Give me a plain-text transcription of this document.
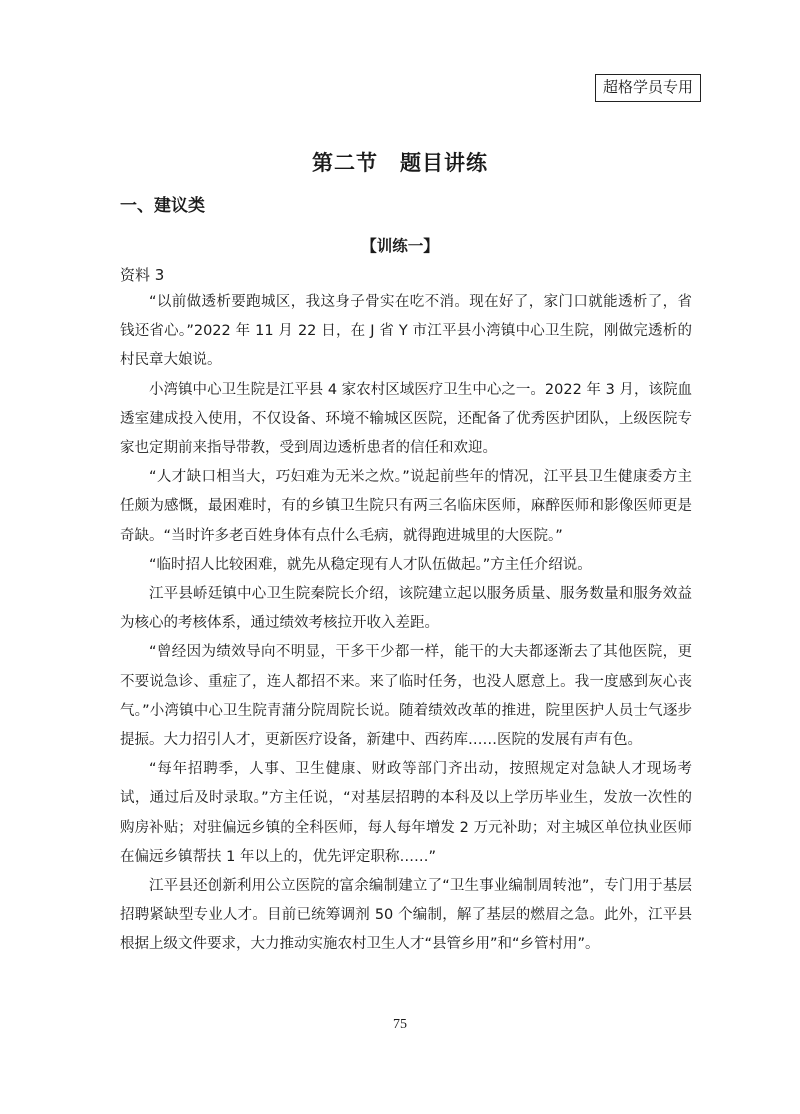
超格学员专用
第二节　题目讲练
一、建议类
【训练一】
资料 3

“以前做透析要跑城区，我这身子骨实在吃不消。现在好了，家门口就能透析了，省钱还省心。”2022 年 11 月 22 日，在 J 省 Y 市江平县小湾镇中心卫生院，刚做完透析的村民章大娘说。

小湾镇中心卫生院是江平县 4 家农村区域医疗卫生中心之一。2022 年 3 月，该院血透室建成投入使用，不仅设备、环境不输城区医院，还配备了优秀医护团队，上级医院专家也定期前来指导带教，受到周边透析患者的信任和欢迎。

“人才缺口相当大，巧妇难为无米之炊。”说起前些年的情况，江平县卫生健康委方主任颇为感慨，最困难时，有的乡镇卫生院只有两三名临床医师，麻醉医师和影像医师更是奇缺。“当时许多老百姓身体有点什么毛病，就得跑进城里的大医院。”

“临时招人比较困难，就先从稳定现有人才队伍做起。”方主任介绍说。

江平县峤廷镇中心卫生院秦院长介绍，该院建立起以服务质量、服务数量和服务效益为核心的考核体系，通过绩效考核拉开收入差距。

“曾经因为绩效导向不明显，干多干少都一样，能干的大夫都逐渐去了其他医院，更不要说急诊、重症了，连人都招不来。来了临时任务，也没人愿意上。我一度感到灰心丧气。”小湾镇中心卫生院青蒲分院周院长说。随着绩效改革的推进，院里医护人员士气逐步提振。大力招引人才，更新医疗设备，新建中、西药库……医院的发展有声有色。

“每年招聘季，人事、卫生健康、财政等部门齐出动，按照规定对急缺人才现场考试，通过后及时录取。”方主任说，“对基层招聘的本科及以上学历毕业生，发放一次性的购房补贴；对驻偏远乡镇的全科医师，每人每年增发 2 万元补助；对主城区单位执业医师在偏远乡镇帮扶 1 年以上的，优先评定职称……”

江平县还创新利用公立医院的富余编制建立了“卫生事业编制周转池”，专门用于基层招聘紧缺型专业人才。目前已统筹调剂 50 个编制，解了基层的燃眉之急。此外，江平县根据上级文件要求，大力推动实施农村卫生人才“县管乡用”和“乡管村用”。

75
